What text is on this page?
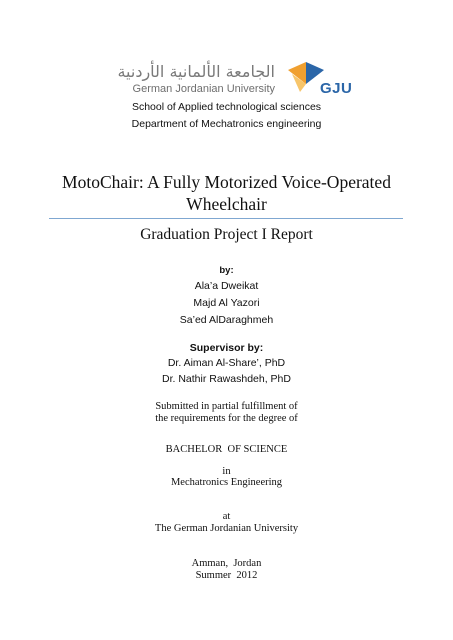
الجامعة الألمانية الأردنية
German Jordanian University	GJU
School of Applied technological sciences
Department of Mechatronics engineering
MotoChair: A Fully Motorized Voice-Operated
Wheelchair
Graduation Project I Report
by:
Ala’a Dweikat
Majd Al Yazori
Sa’ed AlDaraghmeh
Supervisor by:
Dr. Aiman Al-Share’, PhD
Dr. Nathir Rawashdeh, PhD
Submitted in partial fulfillment of
the requirements for the degree of
BACHELOR  OF SCIENCE
in
Mechatronics Engineering
at
The German Jordanian University
Amman,  Jordan
Summer  2012
